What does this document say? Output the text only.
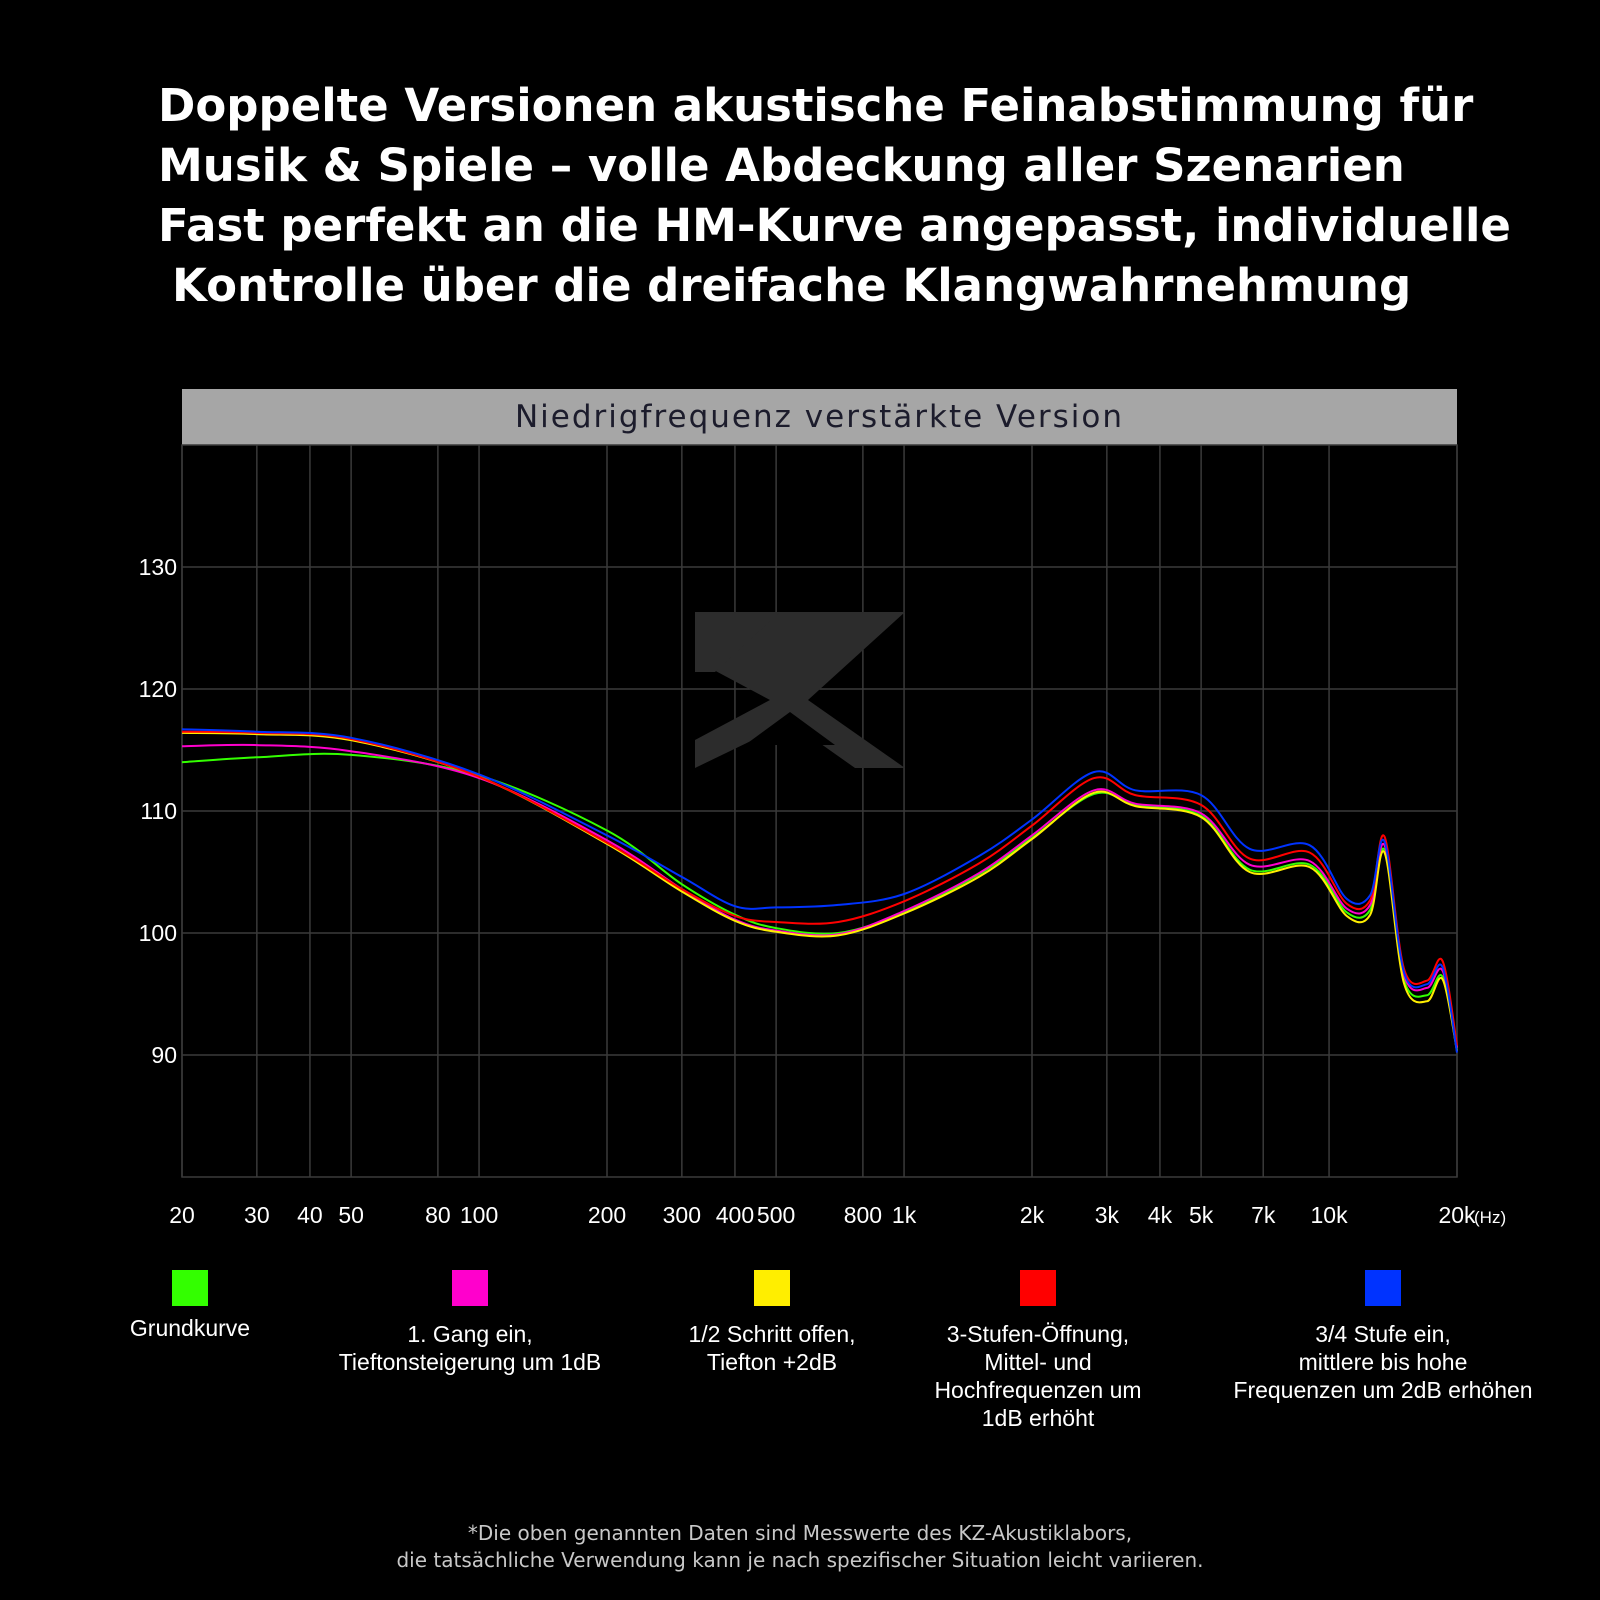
Doppelte Versionen akustische Feinabstimmung für
Musik & Spiele – volle Abdeckung aller Szenarien
Fast perfekt an die HM-Kurve angepasst, individuelle
Kontrolle über die dreifache Klangwahrnehmung
Niedrigfrequenz verstärkte Version
20 30 40 50	80 100	200 300 400 500 800 1k	2k 3k 4k 5k 7k 10k	20k
(Hz)
90
100
110
120
130
Grundkurve	1. Gang ein,
Tieftonsteigerung um 1dB
1/2 Schritt offen,
Tiefton +2dB
3-Stufen-Öffnung,
Mittel- und
Hochfrequenzen um
1dB erhöht
3/4 Stufe ein,
mittlere bis hohe
Frequenzen um 2dB erhöhen
*Die oben genannten Daten sind Messwerte des KZ-Akustiklabors,
die tatsächliche Verwendung kann je nach spezifischer Situation leicht variieren.
